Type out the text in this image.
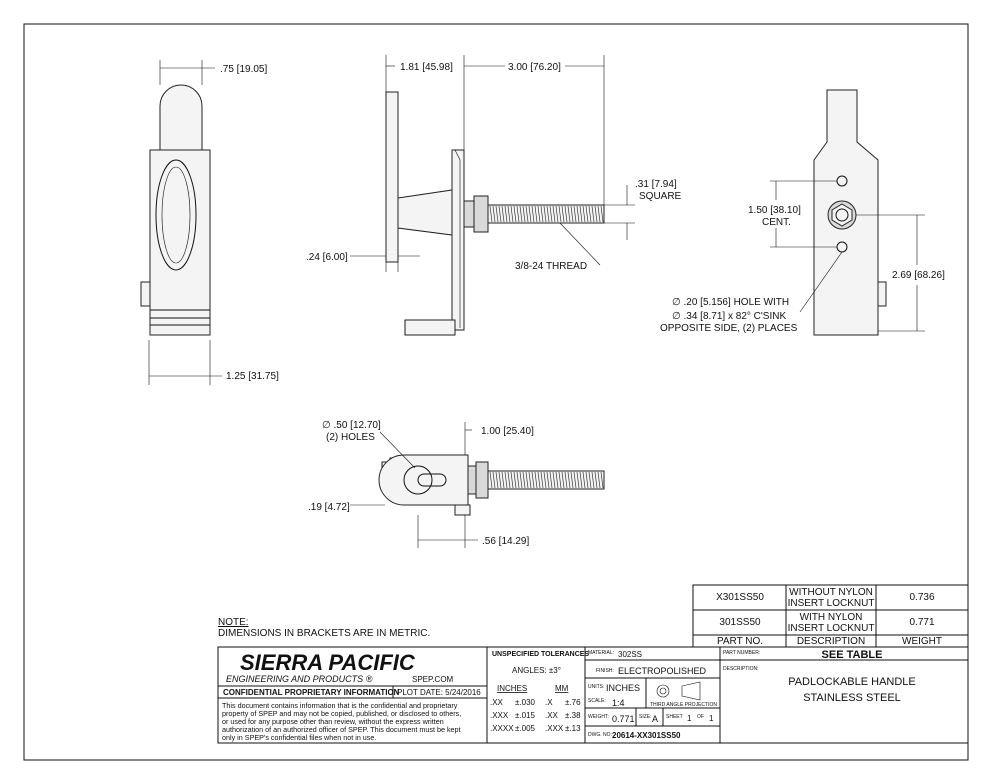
.75 [19.05]
1.25 [31.75]
1.81 [45.98]	3.00 [76.20]
.31 [7.94]
SQUARE
.24 [6.00]
3/8-24 THREAD
1.50 [38.10]
CENT.
2.69 [68.26]
∅ .20 [5.156] HOLE WITH
∅ .34 [8.71] x 82° C'SINK
OPPOSITE SIDE, (2) PLACES
1.00 [25.40]
∅ .50 [12.70]
(2) HOLES
.19 [4.72]
.56 [14.29]
NOTE:
DIMENSIONS IN BRACKETS ARE IN METRIC.
X301SS50	WITHOUT NYLON
INSERT LOCKNUT
0.736
301SS50	WITH NYLON
INSERT LOCKNUT
0.771
PART NO.	DESCRIPTION	WEIGHT
SIERRA PACIFIC
ENGINEERING AND PRODUCTS ®	SPEP.COM
CONFIDENTIAL PROPRIETARY INFORMATION
PLOT DATE: 5/24/2016
This document contains information that is the confidential and proprietary
property of SPEP and may not be copied, published, or disclosed to others,
or used for any purpose other than review, without the express written
authorization of an authorized officer of SPEP. This document must be kept
only in SPEP's confidential files when not in use.
UNSPECIFIED TOLERANCES
ANGLES: ±3°
INCHES	MM
.XX ±.030 .X ±.76
.XXX ±.015 .XX ±.38
.XXXX ±.005 .XXX ±.13
MATERIAL: 302SS
FINISH: ELECTROPOLISHED
UNITS: INCHES
SCALE: 1:4	THIRD ANGLE PROJECTION
WEIGHT: 0.771 SIZE: A SHEET 1 OF 1
DWG. NO: 20614-XX301SS50
PART NUMBER:	SEE TABLE
DESCRIPTION:
PADLOCKABLE HANDLE
STAINLESS STEEL
